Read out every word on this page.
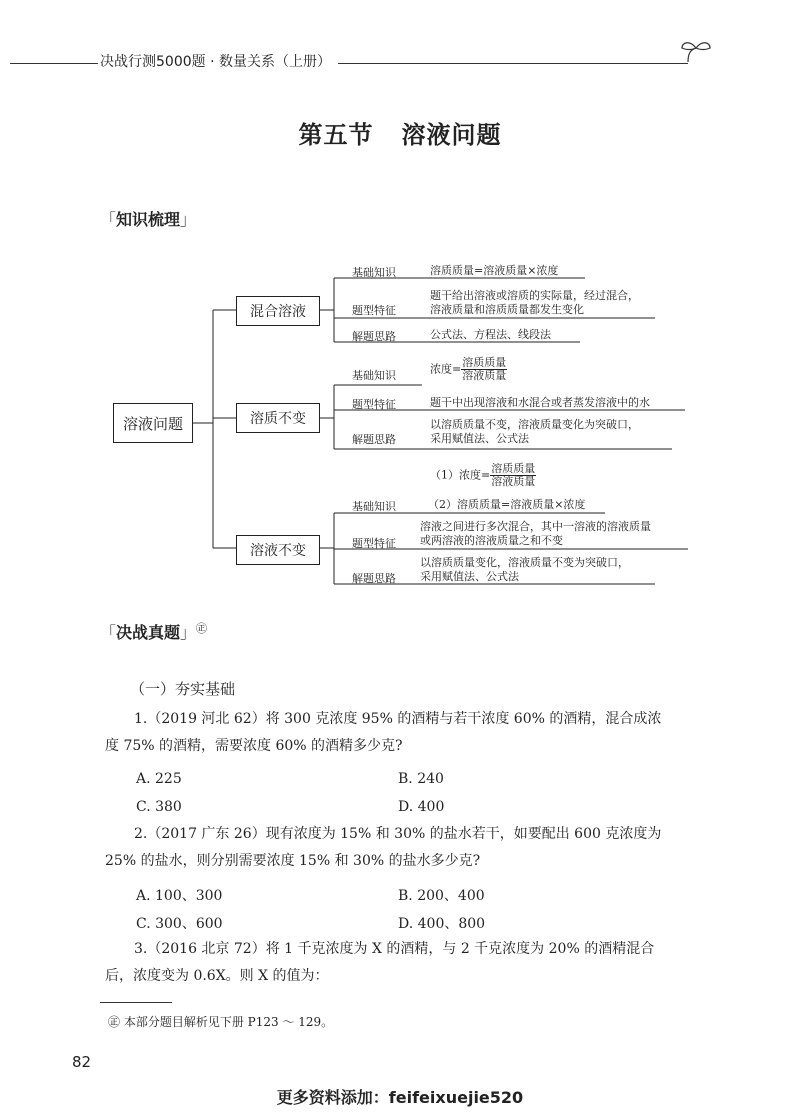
决战行测5000题 · 数量关系（上册）
第五节   溶液问题
「知识梳理」
溶液问题
混合溶液
溶质不变
溶液不变
基础知识	溶质质量=溶液质量×浓度
题型特征
题干给出溶液或溶质的实际量，经过混合，
溶液质量和溶质质量都发生变化
解题思路	公式法、方程法、线段法
基础知识	浓度= $\frac{\text{溶质质量}}{\text{溶液质量}}$
题型特征	题干中出现溶液和水混合或者蒸发溶液中的水
解题思路
以溶质质量不变，溶液质量变化为突破口，
采用赋值法、公式法
（1）浓度= $\frac{\text{溶质质量}}{\text{溶液质量}}$
基础知识	（2）溶质质量=溶液质量×浓度
题型特征
溶液之间进行多次混合，其中一溶液的溶液质量
或两溶液的溶液质量之和不变
解题思路
以溶质质量变化，溶液质量不变为突破口，
采用赋值法、公式法
「决战真题」㊣
（一）夯实基础
1.（2019 河北 62）将 300 克浓度 95% 的酒精与若干浓度 60% 的酒精，混合成浓
度 75% 的酒精，需要浓度 60% 的酒精多少克?
A. 225	B. 240
C. 380	D. 400
2.（2017 广东 26）现有浓度为 15% 和 30% 的盐水若干，如要配出 600 克浓度为
25% 的盐水，则分别需要浓度 15% 和 30% 的盐水多少克?
A. 100、300	B. 200、400
C. 300、600	D. 400、800
3.（2016 北京 72）将 1 千克浓度为 X 的酒精，与 2 千克浓度为 20% 的酒精混合
后，浓度变为 0.6X。则 X 的值为：
㊣ 本部分题目解析见下册 P123 ～ 129。
82
更多资料添加：feifeixuejie520
